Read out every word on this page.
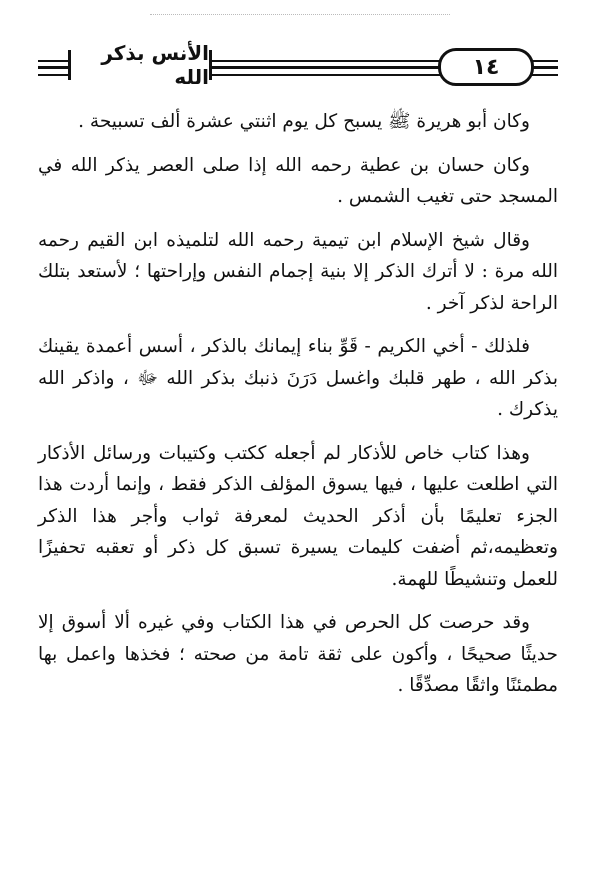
الأنس بذكر الله	١٤

وكان أبو هريرة ﷺ يسبح كل يوم اثنتي عشرة ألف تسبيحة .

وكان حسان بن عطية رحمه الله إذا صلى العصر يذكر الله في المسجد حتى تغيب الشمس .

وقال شيخ الإسلام ابن تيمية رحمه الله لتلميذه ابن القيم رحمه الله مرة : لا أترك الذكر إلا بنية إجمام النفس وإراحتها ؛ لأستعد بتلك الراحة لذكر آخر .

فلذلك - أخي الكريم - قَوِّ بناء إيمانك بالذكر ، أسس أعمدة يقينك بذكر الله ، طهر قلبك واغسل دَرَنَ ذنبك بذكر الله ﷻ ، واذكر الله يذكرك .

وهذا كتاب خاص للأذكار لم أجعله ككتب وكتيبات ورسائل الأذكار التي اطلعت عليها ، فيها يسوق المؤلف الذكر فقط ، وإنما أردت هذا الجزء تعليمًا بأن أذكر الحديث لمعرفة ثواب وأجر هذا الذكر وتعظيمه،ثم أضفت كليمات يسيرة تسبق كل ذكر أو تعقبه تحفيزًا للعمل وتنشيطًا للهمة.

وقد حرصت كل الحرص في هذا الكتاب وفي غيره ألا أسوق إلا حديثًا صحيحًا ، وأكون على ثقة تامة من صحته ؛ فخذها واعمل بها مطمئنًا واثقًا مصدِّقًا .
